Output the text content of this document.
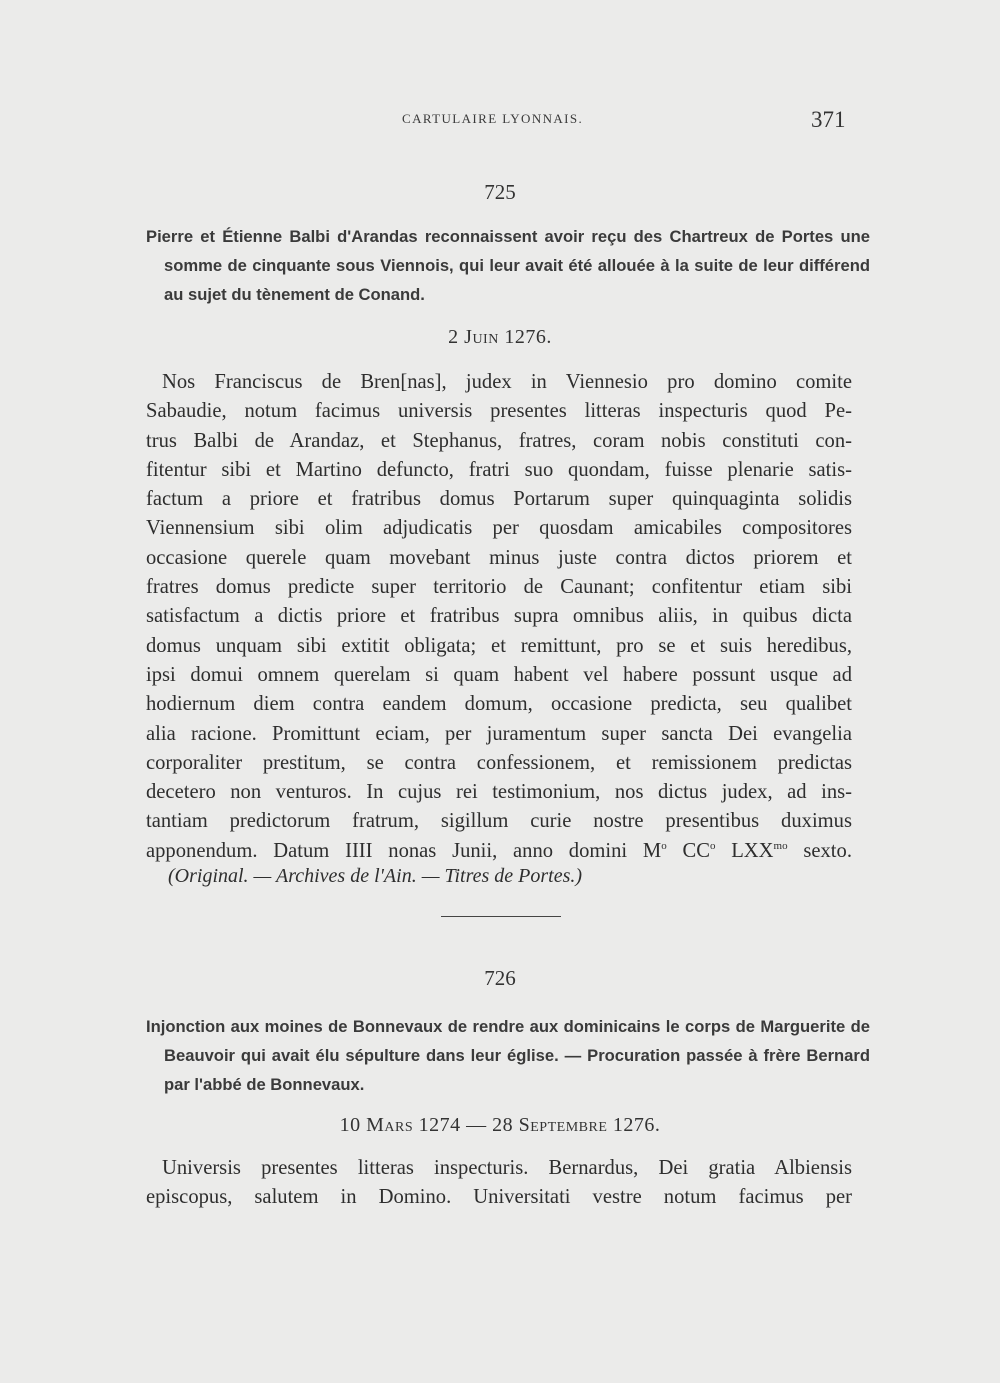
CARTULAIRE LYONNAIS.	371
725
Pierre et Étienne Balbi d'Arandas reconnaissent avoir reçu des Chartreux de Portes une somme de cinquante sous Viennois, qui leur avait été allouée à la suite de leur différend au sujet du tènement de Conand.
2 Juin 1276.
Nos Franciscus de Bren[nas], judex in Viennesio pro domino comite
Sabaudie, notum facimus universis presentes litteras inspecturis quod Pe-
trus Balbi de Arandaz, et Stephanus, fratres, coram nobis constituti con-
fitentur sibi et Martino defuncto, fratri suo quondam, fuisse plenarie satis-
factum a priore et fratribus domus Portarum super quinquaginta solidis
Viennensium sibi olim adjudicatis per quosdam amicabiles compositores
occasione querele quam movebant minus juste contra dictos priorem et
fratres domus predicte super territorio de Caunant; confitentur etiam sibi
satisfactum a dictis priore et fratribus supra omnibus aliis, in quibus dicta
domus unquam sibi extitit obligata; et remittunt, pro se et suis heredibus,
ipsi domui omnem querelam si quam habent vel habere possunt usque ad
hodiernum diem contra eandem domum, occasione predicta, seu qualibet
alia racione. Promittunt eciam, per juramentum super sancta Dei evangelia
corporaliter prestitum, se contra confessionem, et remissionem predictas
decetero non venturos. In cujus rei testimonium, nos dictus judex, ad ins-
tantiam predictorum fratrum, sigillum curie nostre presentibus duximus
apponendum. Datum IIII nonas Junii, anno domini $M^o$ $CC^o$ $LXX^{mo}$ sexto.
(Original. — Archives de l'Ain. — Titres de Portes.)
726
Injonction aux moines de Bonnevaux de rendre aux dominicains le corps de Marguerite de Beauvoir qui avait élu sépulture dans leur église. — Procuration passée à frère Bernard par l'abbé de Bonnevaux.
10 Mars 1274 — 28 Septembre 1276.
Universis presentes litteras inspecturis. Bernardus, Dei gratia Albiensis
episcopus, salutem in Domino. Universitati vestre notum facimus per
